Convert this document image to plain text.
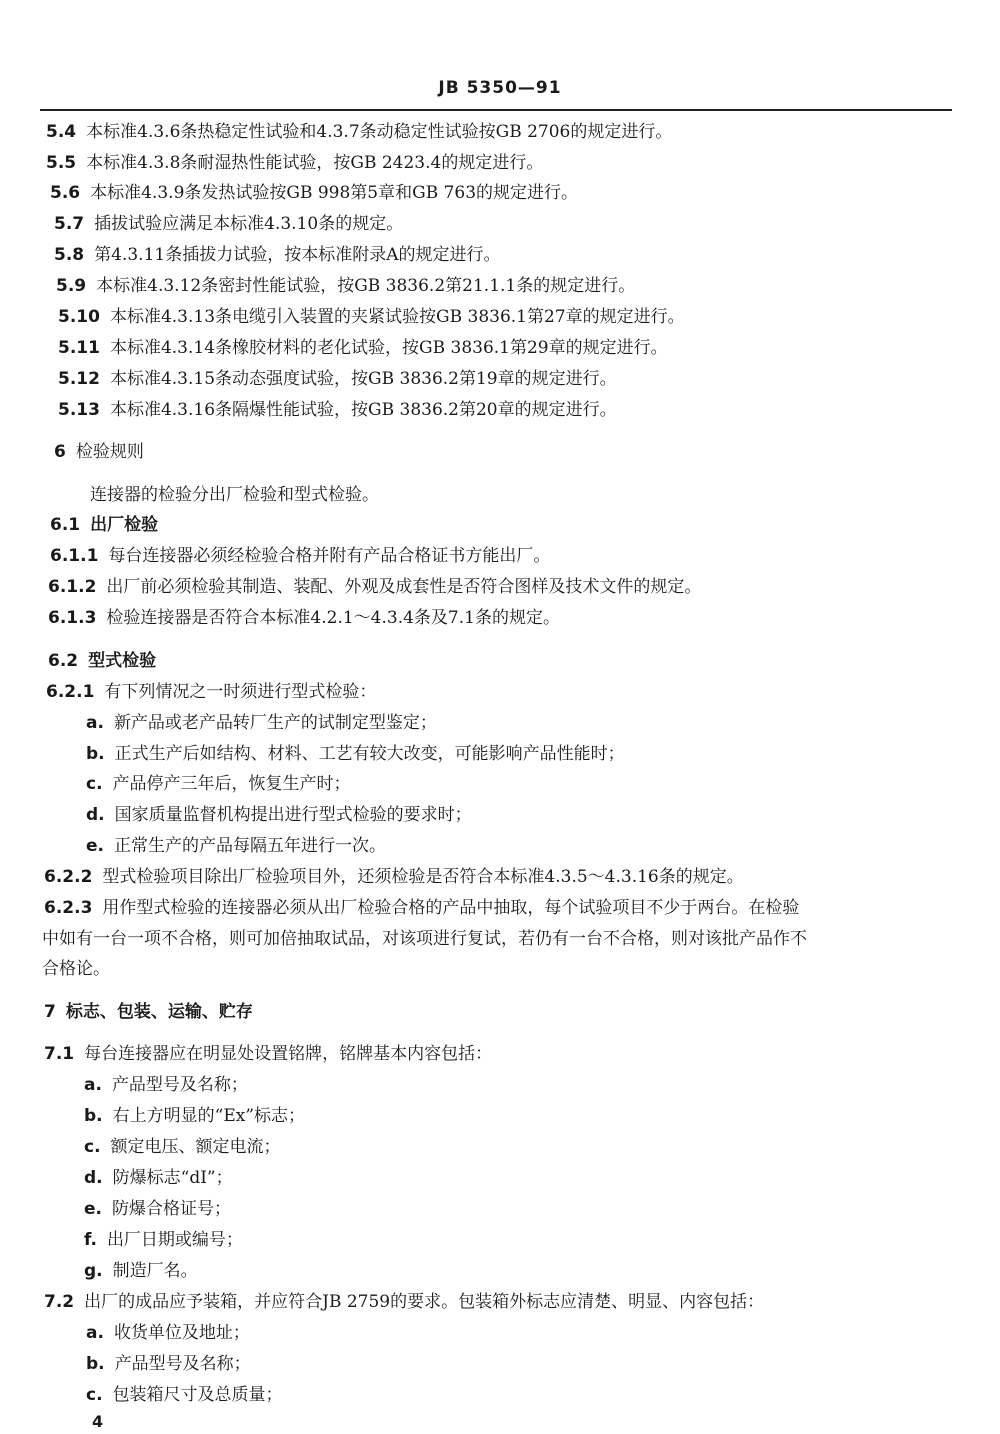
JB 5350—91
5.4 本标准4.3.6条热稳定性试验和4.3.7条动稳定性试验按GB 2706的规定进行。
5.5 本标准4.3.8条耐湿热性能试验，按GB 2423.4的规定进行。
5.6 本标准4.3.9条发热试验按GB 998第5章和GB 763的规定进行。
5.7 插拔试验应满足本标准4.3.10条的规定。
5.8 第4.3.11条插拔力试验，按本标准附录A的规定进行。
5.9 本标准4.3.12条密封性能试验，按GB 3836.2第21.1.1条的规定进行。
5.10 本标准4.3.13条电缆引入装置的夹紧试验按GB 3836.1第27章的规定进行。
5.11 本标准4.3.14条橡胶材料的老化试验，按GB 3836.1第29章的规定进行。
5.12 本标准4.3.15条动态强度试验，按GB 3836.2第19章的规定进行。
5.13 本标准4.3.16条隔爆性能试验，按GB 3836.2第20章的规定进行。
6 检验规则
连接器的检验分出厂检验和型式检验。
6.1 出厂检验
6.1.1 每台连接器必须经检验合格并附有产品合格证书方能出厂。
6.1.2 出厂前必须检验其制造、装配、外观及成套性是否符合图样及技术文件的规定。
6.1.3 检验连接器是否符合本标准4.2.1～4.3.4条及7.1条的规定。
6.2 型式检验
6.2.1 有下列情况之一时须进行型式检验：
a. 新产品或老产品转厂生产的试制定型鉴定；
b. 正式生产后如结构、材料、工艺有较大改变，可能影响产品性能时；
c. 产品停产三年后，恢复生产时；
d. 国家质量监督机构提出进行型式检验的要求时；
e. 正常生产的产品每隔五年进行一次。
6.2.2 型式检验项目除出厂检验项目外，还须检验是否符合本标准4.3.5～4.3.16条的规定。
6.2.3 用作型式检验的连接器必须从出厂检验合格的产品中抽取，每个试验项目不少于两台。在检验
中如有一台一项不合格，则可加倍抽取试品，对该项进行复试，若仍有一台不合格，则对该批产品作不
合格论。
7 标志、包装、运输、贮存
7.1 每台连接器应在明显处设置铭牌，铭牌基本内容包括：
a. 产品型号及名称；
b. 右上方明显的“Ex”标志；
c. 额定电压、额定电流；
d. 防爆标志“dI”；
e. 防爆合格证号；
f. 出厂日期或编号；
g. 制造厂名。
7.2 出厂的成品应予装箱，并应符合JB 2759的要求。包装箱外标志应清楚、明显、内容包括：
a. 收货单位及地址；
b. 产品型号及名称；
c. 包装箱尺寸及总质量；
4
